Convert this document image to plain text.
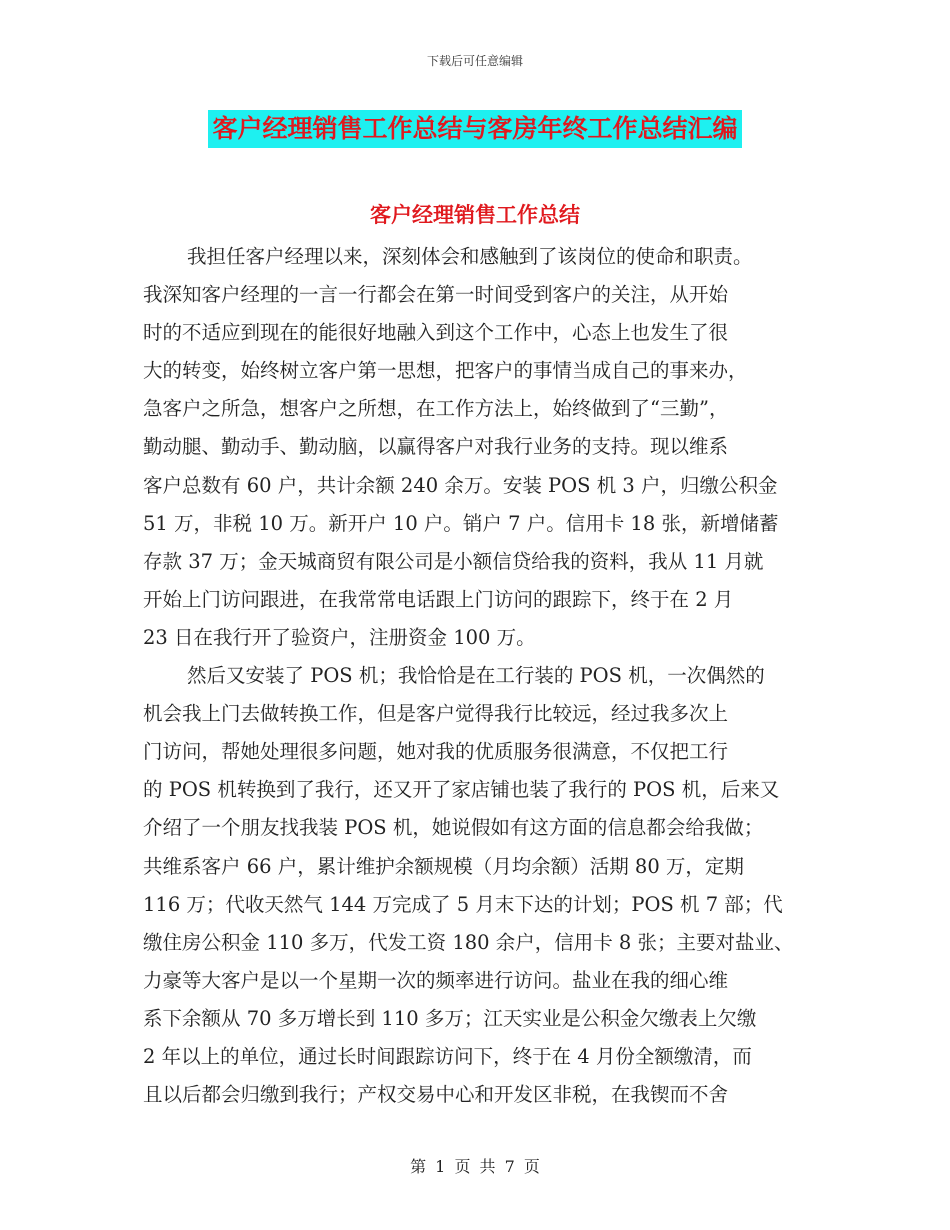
下载后可任意编辑
客户经理销售工作总结与客房年终工作总结汇编
客户经理销售工作总结
我担任客户经理以来，深刻体会和感触到了该岗位的使命和职责。
我深知客户经理的一言一行都会在第一时间受到客户的关注，从开始
时的不适应到现在的能很好地融入到这个工作中，心态上也发生了很
大的转变，始终树立客户第一思想，把客户的事情当成自己的事来办，
急客户之所急，想客户之所想，在工作方法上，始终做到了“三勤”，
勤动腿、勤动手、勤动脑，以赢得客户对我行业务的支持。现以维系
客户总数有 60 户，共计余额 240 余万。安装 POS 机 3 户，归缴公积金
51 万，非税 10 万。新开户 10 户。销户 7 户。信用卡 18 张，新增储蓄
存款 37 万；金天城商贸有限公司是小额信贷给我的资料，我从 11 月就
开始上门访问跟进，在我常常电话跟上门访问的跟踪下，终于在 2 月
23 日在我行开了验资户，注册资金 100 万。
然后又安装了 POS 机；我恰恰是在工行装的 POS 机，一次偶然的
机会我上门去做转换工作，但是客户觉得我行比较远，经过我多次上
门访问，帮她处理很多问题，她对我的优质服务很满意，不仅把工行
的 POS 机转换到了我行，还又开了家店铺也装了我行的 POS 机，后来又
介绍了一个朋友找我装 POS 机，她说假如有这方面的信息都会给我做；
共维系客户 66 户，累计维护余额规模（月均余额）活期 80 万，定期
116 万；代收天然气 144 万完成了 5 月末下达的计划；POS 机 7 部；代
缴住房公积金 110 多万，代发工资 180 余户，信用卡 8 张；主要对盐业、
力豪等大客户是以一个星期一次的频率进行访问。盐业在我的细心维
系下余额从 70 多万增长到 110 多万；江天实业是公积金欠缴表上欠缴
2 年以上的单位，通过长时间跟踪访问下，终于在 4 月份全额缴清，而
且以后都会归缴到我行；产权交易中心和开发区非税，在我锲而不舍
第 1 页 共 7 页
